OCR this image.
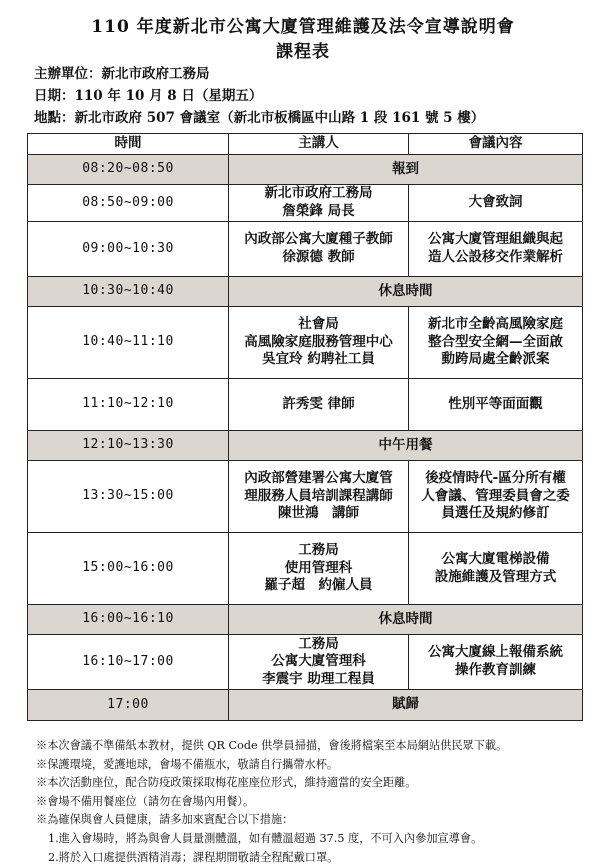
110 年度新北市公寓大廈管理維護及法令宣導說明會
課程表
主辦單位：新北市政府工務局
日期：110 年 10 月 8 日（星期五）
地點：新北市政府 507 會議室（新北市板橋區中山路 1 段 161 號 5 樓）
時間	主講人	會議內容
08:20~08:50	報到	
08:50~09:00	新北市政府工務局
詹榮鋒 局長	大會致詞

09:00~10:30	內政部公寓大廈種子教師
徐源德 教師	公寓大廈管理組織與起
造人公設移交作業解析

10:30~10:40	休息時間	
10:40~11:10	社會局
高風險家庭服務管理中心
吳宜玲 約聘社工員	新北市全齡高風險家庭
整合型安全網—全面啟
動跨局處全齡派案

11:10~12:10	許秀雯 律師	性別平等面面觀

12:10~13:30	中午用餐	
13:30~15:00	內政部營建署公寓大廈管
理服務人員培訓課程講師
陳世鴻　講師	後疫情時代-區分所有權
人會議、管理委員會之委
員選任及規約修訂

15:00~16:00	工務局
使用管理科
羅子超　約僱人員	公寓大廈電梯設備
設施維護及管理方式

16:00~16:10	休息時間	
16:10~17:00	工務局
公寓大廈管理科
李震宇 助理工程員	公寓大廈線上報備系統
操作教育訓練

17:00	賦歸	
※本次會議不準備紙本教材，提供 QR Code 供學員掃描，會後將檔案至本局網站供民眾下載。
※保護環境，愛護地球，會場不備瓶水，敬請自行攜帶水杯。
※本次活動座位，配合防疫政策採取梅花座座位形式，維持適當的安全距離。
※會場不備用餐座位（請勿在會場內用餐）。
※為確保與會人員健康，請多加來賓配合以下措施：
1.進入會場時，將為與會人員量測體溫，如有體溫超過 37.5 度，不可入內參加宣導會。
2.將於入口處提供酒精消毒；課程期間敬請全程配戴口罩。
